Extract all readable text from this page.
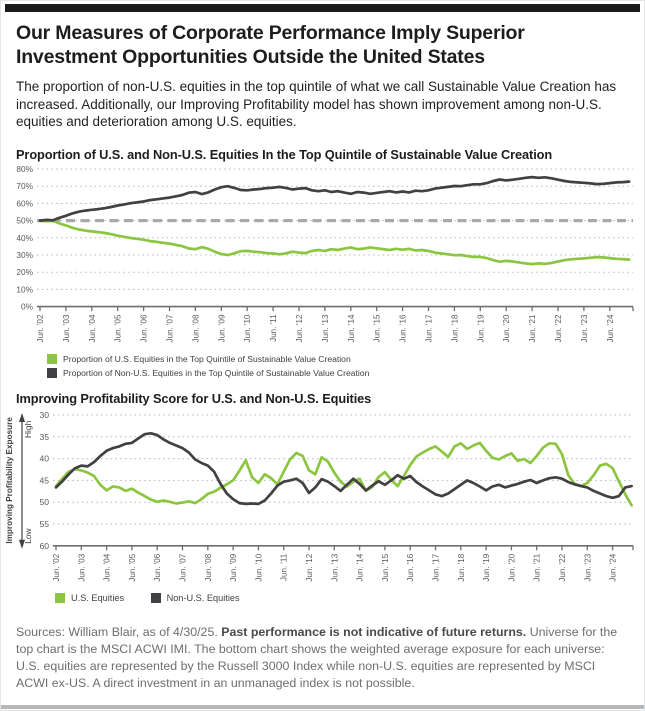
Our Measures of Corporate Performance Imply Superior Investment Opportunities Outside the United States

The proportion of non-U.S. equities in the top quintile of what we call Sustainable Value Creation has increased. Additionally, our Improving Profitability model has shown improvement among non-U.S. equities and deterioration among U.S. equities.

Proportion of U.S. and Non-U.S. Equities In the Top Quintile of Sustainable Value Creation
0%
10%
20%
30%
40%
50%
60%
70%
80%
Jun. '02 Jun. '03 Jun. '04 Jun. '05 Jun. '06 Jun. '07 Jun. '08 Jun. '09 Jun. '10 Jun. '11 Jun. '12 Jun. '13 Jun. '14 Jun. '15 Jun. '16 Jun. '17 Jun. '18 Jun. '19 Jun. '20 Jun. '21 Jun. '22 Jun. '23 Jun. '24
Proportion of U.S. Equities in the Top Quintile of Sustainable Value Creation
Proportion of Non-U.S. Equities in the Top Quintile of Sustainable Value Creation
Improving Profitability Score for U.S. and Non-U.S. Equities
30
35
40
45
50
55
60
Jun. '02 Jun. '03 Jun. '04 Jun. '05 Jun. '06 Jun. '07 Jun. '08 Jun. '09 Jun. '10 Jun. '11 Jun. '12 Jun. '13 Jun. '14 Jun. '15 Jun. '16 Jun. '17 Jun. '18 Jun. '19 Jun. '20 Jun. '21 Jun. '22 Jun. '23 Jun. '24
Improving Profitability Exposure High
Low
U.S. Equities
	Non-U.S. Equities

Sources: William Blair, as of 4/30/25. Past performance is not indicative of future returns. Universe for the top chart is the MSCI ACWI IMI. The bottom chart shows the weighted average exposure for each universe: U.S. equities are represented by the Russell 3000 Index while non-U.S. equities are represented by MSCI ACWI ex-US. A direct investment in an unmanaged index is not possible.
